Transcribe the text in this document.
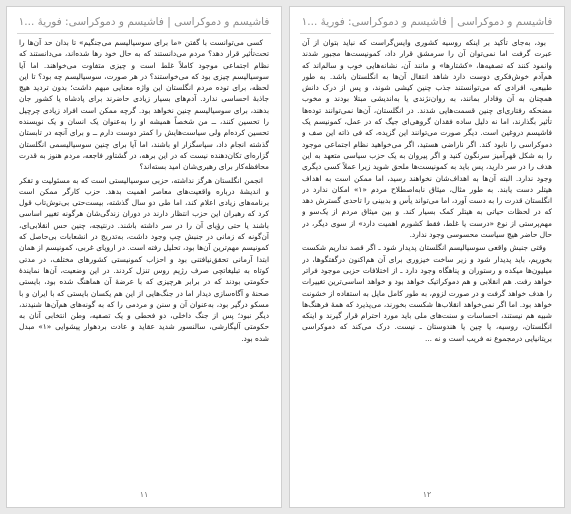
فاشیسم و دموکراسی | فاشیسم و دموکراسی: فوریهٔ ...۱

بود، به‌جای تأکید بر اینکه روسیه کشوری وایس‌گراست که نباید بتوان از آن عبرت گرفت اما نمی‌توان آن را سرمشق قرار داد، کمونیست‌ها مجبور شدند وانمود کنند که تصفیه‌ها، «کشتارها» و مانند آن، نشانه‌هایی خوب و سالم‌اند که هم‌آدم خوش‌فکری دوست دارد شاهد انتقال آن‌ها به انگلستان باشد. به طور طبیعی، افرادی که می‌توانستند جذب چنین کیشی شوند، و پس از درک دانش همچنان به آن وفادار بمانند، به روان‌نژندی یا به‌اندیشی مبتلا بودند و مخوب مضحکه رفتاری‌ای چنین قسمت‌هایی شدند. در انگلستان، آن‌ها نمی‌توانند توده‌ها تأثیر بگذارند، اما نه دلیل ساده فقدان گروهی‌ای جیگ که در عمل، کمونیسم یک فاشیسم دروغین است. دیگر صورت می‌توانند این گزیده، که فی ذاته این صف و دموکراسی را نابود کند. اگر ناراضی هستید، اگر می‌خواهید نظام اجتماعی موجود را به شکل قهرآمیز سرنگون کنید و اگر پیروان به یک حزب سیاسی متعهد به این هدف را در سر دارید، پس باید به کمونیست‌ها ملحق شوید زیرا عملاً کسی دیگری وجود ندارد. البته آن‌ها به اهداف‌شان نخواهند رسید، اما ممکن است به اهداف هیتلر دست یابند. به طور مثال، میثاق نابه‌اصطلاح مردم «۱» امکان ندارد در انگلستان قدرت را به دست آورد، اما می‌تواند یأس و بدبینی را تاحدی گسترش دهد که در لحظات حیاتی به هیتلر کمک بسیار کند. و بین میثاق مردم از یک‌سو و مهم‌پرستی از نوع «درست یا غلط، فقط کشورم اهمیت دارد» از سوی دیگر، در حال حاضر هیچ سیاست محسوسی وجود ندارد.

وقتی جنبش واقعی سوسیالیسم انگلستان پدیدار شود ـ اگر قصد نداریم شکست بخوریم، باید پدیدار شود و زیر ساخت خیزوری برای آن هم‌اکنون درگفتگوها، در میلیون‌ها میکده و رستوران و پناهگاه وجود دارد ـ از اختلافات حزبی موجود فراتر خواهد رفت. هم انقلابی و هم دموکراتیک خواهد بود و خواهد اساسی‌ترین تغییرات را هدف خواهد گرفت و در صورت لزوم، به طور کامل مایل به استفاده از خشونت خواهد بود. اما اگر نمی‌خواهد انقلاب‌ها شکست بخورند، می‌پذیرد که همهٔ فرهنگ‌ها شبیه هم نیستند، احساسات و سنت‌های ملی باید مورد احترام قرار گیرند و اینکه انگلستان، روسیه، یا چین یا هندوستان ـ نیست. درک می‌کند که دموکراسی بریتانیایی درمجموع نه فریب است و نه ...

۱۲
فاشیسم و دموکراسی | فاشیسم و دموکراسی: فوریهٔ ...۱

کسی می‌توانست با گفتن «ما برای سوسیالیسم می‌جنگیم» تا بدان حد آن‌ها را تحت‌تأثیر قرار دهد؟ مردم می‌دانستند که به حال خود رها شده‌اند، می‌دانستند که نظام اجتماعی موجود کاملاً غلط است و چیزی متفاوت می‌خواهند. اما آیا سوسیالیسم چیزی بود که می‌خواستند؟ در هر صورت، سوسیالیسم چه بود؟ تا این لحظه، برای توده مردم انگلستان این واژه معنایی مبهم داشت؛ بدون تردید هیچ جاذبهٔ احساسی ندارد. آدم‌های بسیار زیادی حاضرند برای پادشاه یا کشور جان بدهند، برای سوسیالیسم چنین نخواهد بود. گرچه ممکن است افراد زیادی چرچیل را تحسین کنند، ــ من شخصاً همیشه او را به‌عنوان یک انسان و یک نویسنده تحسین کرده‌ام ولی سیاست‌هایش را کمتر دوست دارم ــ و برای آنچه در تابستان گذشته انجام داد، سپاسگزار او باشند، اما آیا برای چنین سوسیالیسمی انگلستان گزاره‌ای تکان‌دهنده نیست که در این برهه، در گشتاور فاجعه، مردم هنوز به قدرت محافظه‌کار برای رهبری‌شان امید بسته‌اند؟

انجمن انگلستان هرگز نداشته، حزبی سوسیالیستی است که به مسئولیت و تفکر و اندیشهٔ درباره واقعیت‌های معاصر اهمیت بدهد. حزب کارگر ممکن است برنامه‌های زیادی اعلام کند، اما طی دو سال گذشته، بیست‌حتی بی‌نوش‌تاب قول کرد که رهبران این حزب انتظار دارند در دوران زندگی‌شان هرگونه تغییر اساسی باشند یا حتی رؤیای آن را در سر داشته باشند. درنتیجه، چنین حس انقلابی‌ای، آن‌گونه که زمانی در جنبش چپ وجود داشت، به‌تدریج در انشعابات بی‌حاصل که کمونیسم مهم‌ترین آن‌ها بود، تحلیل رفته است. در اروپای غربی، کمونیسم از همان ابتدا آرمانی تحقق‌نیافتنی بود و احزاب کمونیستی کشورهای مختلف، در مدتی کوتاه به تبلیغاتچی صرف رژیم روس تنزل کردند. در این وضعیت، آن‌ها نمایندهٔ حکومتی بودند که در برابر هرچیزی که با عرضهٔ آن هماهنگ شده بود، بایستی صحنهٔ و آگاه‌سازی دیدار اما در جنگ‌هایی از این هم یکسان بایستی که با ایران و با مسکو درگیر بود، به‌عنوان آن و سنن و مردمی را که به گونه‌های هم‌آن‌ها شنیدند، دیگر نبود؛ پس از جنگ داخلی، دو فحطی و یک تصفیه، وطن انتخابی آنان به حکومتی آلیگارشی، سالنسور شدید عقاید و عادت بردهوار پیشوایی «۱» مبدل شده بود.

۱۱
